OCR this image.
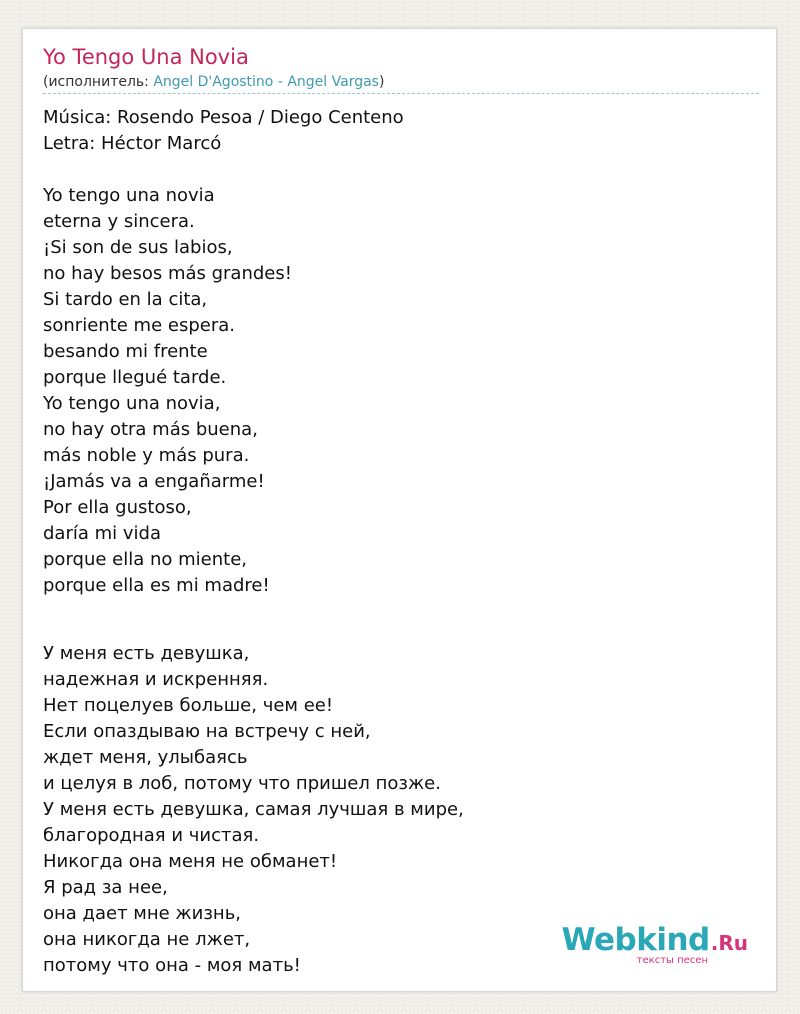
Yo Tengo Una Novia
(исполнитель: Angel D'Agostino - Angel Vargas)
Música: Rosendo Pesoa / Diego Centeno
Letra: Héctor Marcó
Yo tengo una novia
eterna y sincera.
¡Si son de sus labios,
no hay besos más grandes!
Si tardo en la cita,
sonriente me espera.
besando mi frente
porque llegué tarde.
Yo tengo una novia,
no hay otra más buena,
más noble y más pura.
¡Jamás va a engañarme!
Por ella gustoso,
daría mi vida
porque ella no miente,
porque ella es mi madre!
У меня есть девушка,
надежная и искренняя.
Нет поцелуев больше, чем ее!
Если опаздываю на встречу с ней,
ждет меня, улыбаясь
и целуя в лоб, потому что пришел позже.
У меня есть девушка, самая лучшая в мире,
благородная и чистая.
Никогда она меня не обманет!
Я рад за нее,
она дает мне жизнь,
она никогда не лжет,
потому что она - моя мать!
Webkind.Ru
тексты песен
